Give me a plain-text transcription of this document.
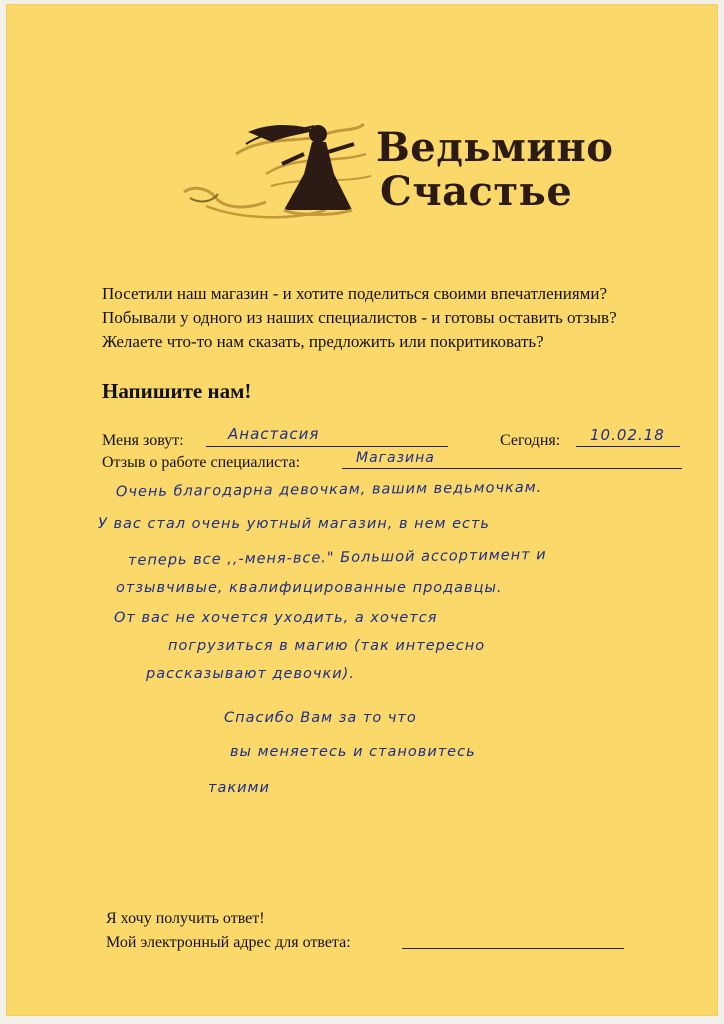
Ведьмино
Счастье
Посетили наш магазин - и хотите поделиться своими впечатлениями?
Побывали у одного из наших специалистов - и готовы оставить отзыв?
Желаете что-то нам сказать, предложить или покритиковать?
Напишите нам!
Меня зовут:	Анастасия	Сегодня: 10.02.18
Отзыв о работе специалиста:	Магазина
Очень благодарна девочкам, вашим ведьмочкам.
У вас стал очень уютный магазин, в нем есть
теперь все ,,-меня-все." Большой ассортимент и
отзывчивые, квалифицированные продавцы.
От вас не хочется уходить, а хочется
погрузиться в магию (так интересно
рассказывают девочки).
Спасибо Вам за то что
вы меняетесь и становитесь
такими
Я хочу получить ответ!
Мой электронный адрес для ответа:
